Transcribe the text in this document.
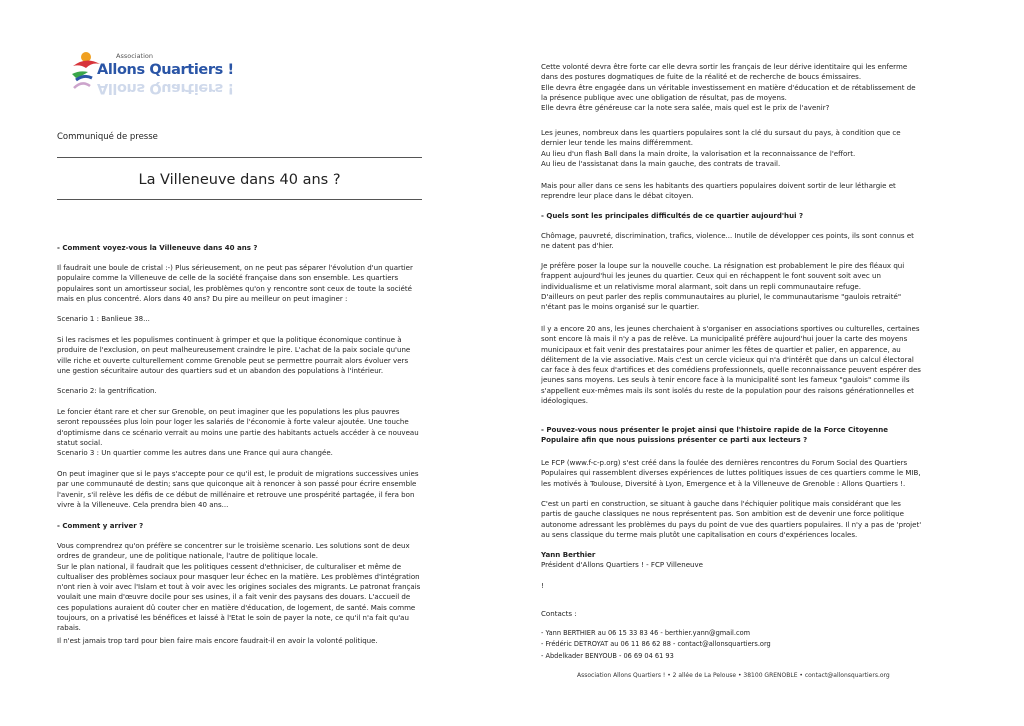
Association
Allons Quartiers !
Allons Quartiers !
Communiqué de presse
La Villeneuve dans 40 ans ?

- Comment voyez-vous la Villeneuve dans 40 ans ?

Il faudrait une boule de cristal :-) Plus sérieusement, on ne peut pas séparer l'évolution d'un quartier populaire comme la Villeneuve de celle de la société française dans son ensemble. Les quartiers populaires sont un amortisseur social, les problèmes qu'on y rencontre sont ceux de toute la société mais en plus concentré. Alors dans 40 ans? Du pire au meilleur on peut imaginer :

Scenario 1 : Banlieue 38...

Si les racismes et les populismes continuent à grimper et que la politique économique continue à produire de l'exclusion, on peut malheureusement craindre le pire. L'achat de la paix sociale qu'une ville riche et ouverte culturellement comme Grenoble peut se permettre pourrait alors évoluer vers une gestion sécuritaire autour des quartiers sud et un abandon des populations à l'intérieur.

Scenario 2: la gentrification.

Le foncier étant rare et cher sur Grenoble, on peut imaginer que les populations les plus pauvres seront repoussées plus loin pour loger les salariés de l'économie à forte valeur ajoutée. Une touche d'optimisme dans ce scénario verrait au moins une partie des habitants actuels accéder à ce nouveau statut social.

Scenario 3 : Un quartier comme les autres dans une France qui aura changée.

On peut imaginer que si le pays s'accepte pour ce qu'il est, le produit de migrations successives unies par une communauté de destin; sans que quiconque ait à renoncer à son passé pour écrire ensemble l'avenir, s'il relève les défis de ce début de millénaire et retrouve une prospérité partagée, il fera bon vivre à la Villeneuve. Cela prendra bien 40 ans...

- Comment y arriver ?

Vous comprendrez qu'on préfère se concentrer sur le troisième scenario. Les solutions sont de deux ordres de grandeur, une de politique nationale, l'autre de politique locale.
Sur le plan national, il faudrait que les politiques cessent d'ethniciser, de culturaliser et même de cultualiser des problèmes sociaux pour masquer leur échec en la matière. Les problèmes d'intégration n'ont rien à voir avec l'Islam et tout à voir avec les origines sociales des migrants. Le patronat français voulait une main d'œuvre docile pour ses usines, il a fait venir des paysans des douars. L'accueil de ces populations auraient dû couter cher en matière d'éducation, de logement, de santé. Mais comme toujours, on a privatisé les bénéfices et laissé à l'Etat le soin de payer la note, ce qu'il n'a fait qu'au rabais.

Il n'est jamais trop tard pour bien faire mais encore faudrait-il en avoir la volonté politique.

Cette volonté devra être forte car elle devra sortir les français de leur dérive identitaire qui les enferme dans des postures dogmatiques de fuite de la réalité et de recherche de boucs émissaires.
Elle devra être engagée dans un véritable investissement en matière d'éducation et de rétablissement de la présence publique avec une obligation de résultat, pas de moyens.
Elle devra être généreuse car la note sera salée, mais quel est le prix de l'avenir?

Les jeunes, nombreux dans les quartiers populaires sont la clé du sursaut du pays, à condition que ce dernier leur tende les mains différemment.
Au lieu d'un flash Ball dans la main droite, la valorisation et la reconnaissance de l'effort.
Au lieu de l'assistanat dans la main gauche, des contrats de travail.

Mais pour aller dans ce sens les habitants des quartiers populaires doivent sortir de leur léthargie et reprendre leur place dans le débat citoyen.

- Quels sont les principales difficultés de ce quartier aujourd'hui ?

Chômage, pauvreté, discrimination, trafics, violence... Inutile de développer ces points, ils sont connus et ne datent pas d'hier.

Je préfère poser la loupe sur la nouvelle couche. La résignation est probablement le pire des fléaux qui frappent aujourd'hui les jeunes du quartier. Ceux qui en réchappent le font souvent soit avec un individualisme et un relativisme moral alarmant, soit dans un repli communautaire refuge.
D'ailleurs on peut parler des replis communautaires au pluriel, le communautarisme "gaulois retraité" n'étant pas le moins organisé sur le quartier.

Il y a encore 20 ans, les jeunes cherchaient à s'organiser en associations sportives ou culturelles, certaines sont encore là mais il n'y a pas de relève. La municipalité préfère aujourd'hui jouer la carte des moyens municipaux et fait venir des prestataires pour animer les fêtes de quartier et palier, en apparence, au délitement de la vie associative. Mais c'est un cercle vicieux qui n'a d'intérêt que dans un calcul électoral car face à des feux d'artifices et des comédiens professionnels, quelle reconnaissance peuvent espérer des jeunes sans moyens. Les seuls à tenir encore face à la municipalité sont les fameux "gaulois" comme ils s'appellent eux-mêmes mais ils sont isolés du reste de la population pour des raisons générationnelles et idéologiques.

- Pouvez-vous nous présenter le projet ainsi que l'histoire rapide de la Force Citoyenne Populaire afin que nous puissions présenter ce parti aux lecteurs ?

Le FCP (www.f-c-p.org) s'est créé dans la foulée des dernières rencontres du Forum Social des Quartiers Populaires qui rassemblent diverses expériences de luttes politiques issues de ces quartiers comme le MIB, les motivés à Toulouse, Diversité à Lyon, Emergence et à la Villeneuve de Grenoble : Allons Quartiers !.

C'est un parti en construction, se situant à gauche dans l'échiquier politique mais considérant que les partis de gauche classiques ne nous représentent pas. Son ambition est de devenir une force politique autonome adressant les problèmes du pays du point de vue des quartiers populaires. Il n'y a pas de 'projet' au sens classique du terme mais plutôt une capitalisation en cours d'expériences locales.

Yann Berthier

Président d'Allons Quartiers ! - FCP Villeneuve

!

Contacts :

- Yann BERTHIER au 06 15 33 83 46 - berthier.yann@gmail.com
- Frédéric DETROYAT au 06 11 86 62 88 - contact@allonsquartiers.org
- Abdelkader BENYOUB - 06 69 04 61 93
Association Allons Quartiers ! • 2 allée de La Pelouse • 38100 GRENOBLE • contact@allonsquartiers.org
